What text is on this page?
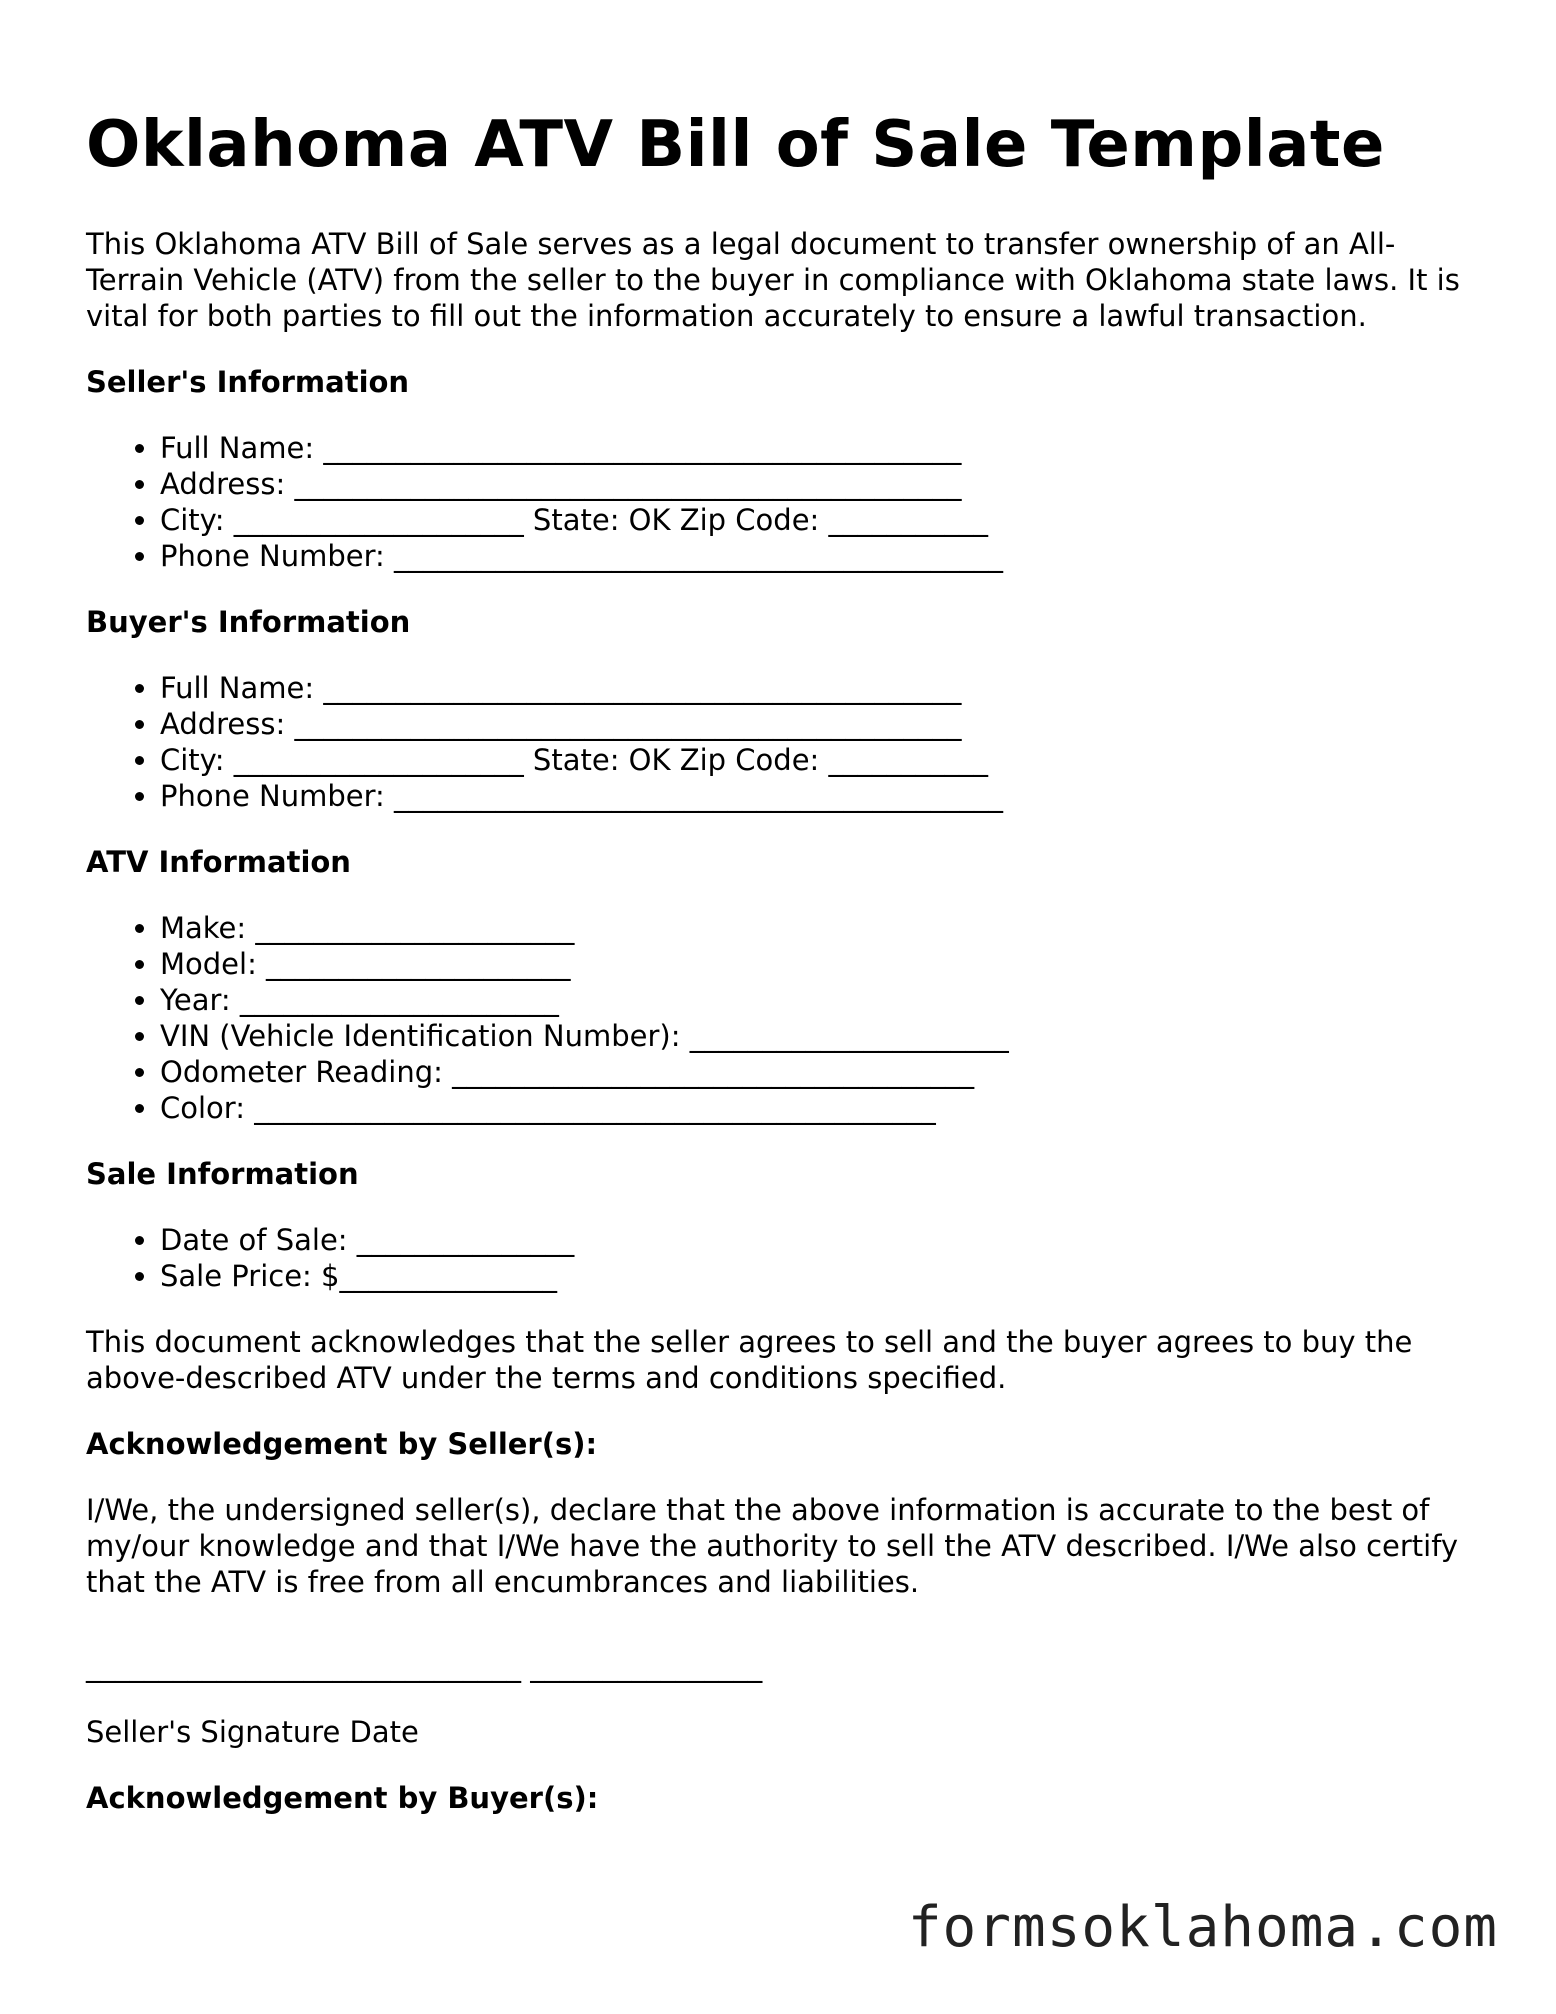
Oklahoma ATV Bill of Sale Template

This Oklahoma ATV Bill of Sale serves as a legal document to transfer ownership of an All-Terrain Vehicle (ATV) from the seller to the buyer in compliance with Oklahoma state laws. It is vital for both parties to fill out the information accurately to ensure a lawful transaction.

Seller's Information
• Full Name: ____________________________________________
• Address: ______________________________________________
• City: ____________________ State: OK Zip Code: ___________
• Phone Number: __________________________________________
Buyer's Information
• Full Name: ____________________________________________
• Address: ______________________________________________
• City: ____________________ State: OK Zip Code: ___________
• Phone Number: __________________________________________
ATV Information
• Make: ______________________
• Model: _____________________
• Year: ______________________
• VIN (Vehicle Identification Number): ______________________
• Odometer Reading: ____________________________________
• Color: _______________________________________________
Sale Information
• Date of Sale: _______________
• Sale Price: $_______________

This document acknowledges that the seller agrees to sell and the buyer agrees to buy the above-described ATV under the terms and conditions specified.

Acknowledgement by Seller(s):

I/We, the undersigned seller(s), declare that the above information is accurate to the best of my/our knowledge and that I/We have the authority to sell the ATV described. I/We also certify that the ATV is free from all encumbrances and liabilities.

______________________________ ________________
Seller's Signature Date
Acknowledgement by Buyer(s):
formsoklahoma.com
